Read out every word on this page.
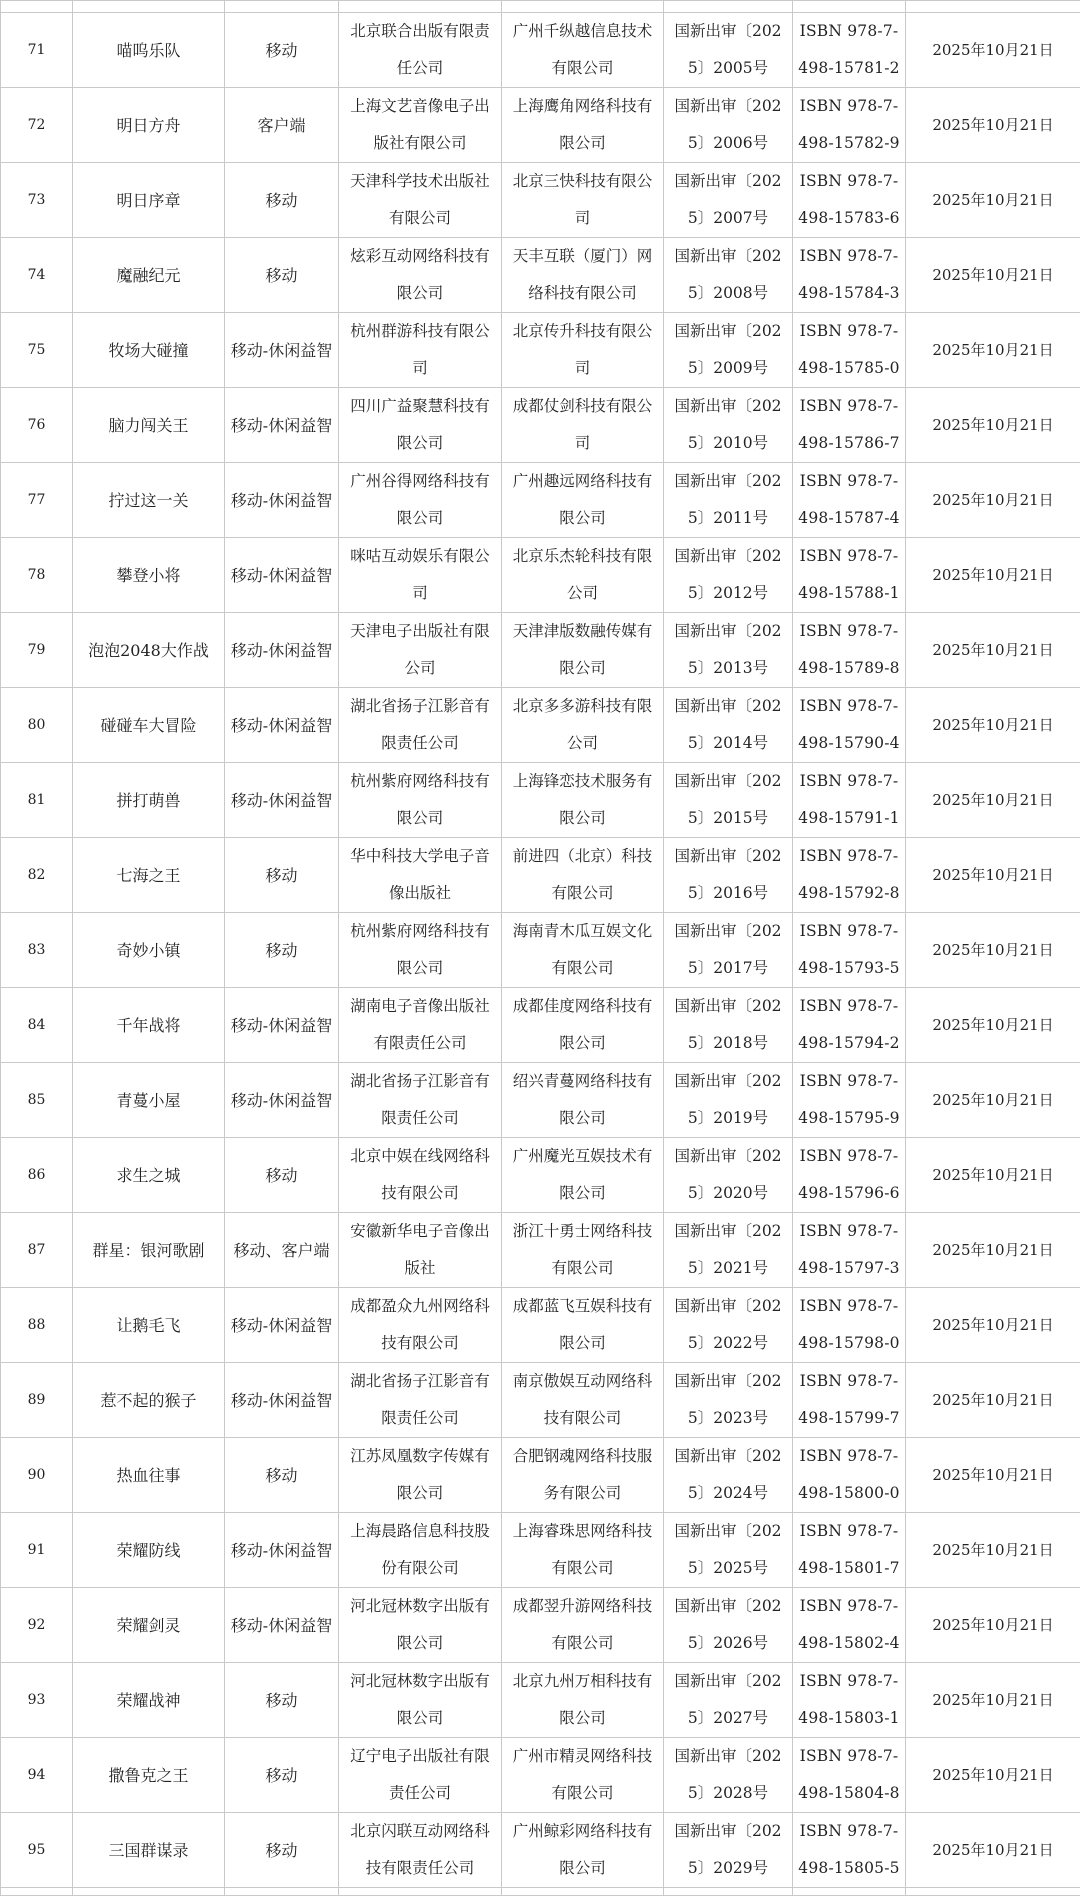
71	喵呜乐队	移动	北京联合出版有限责任公司	广州千纵越信息技术有限公司	国新出审〔2025〕2005号	ISBN 978-7-498-15781-2	2025年10月21日
72	明日方舟	客户端	上海文艺音像电子出版社有限公司	上海鹰角网络科技有限公司	国新出审〔2025〕2006号	ISBN 978-7-498-15782-9	2025年10月21日
73	明日序章	移动	天津科学技术出版社有限公司	北京三快科技有限公司	国新出审〔2025〕2007号	ISBN 978-7-498-15783-6	2025年10月21日
74	魔融纪元	移动	炫彩互动网络科技有限公司	天丰互联（厦门）网络科技有限公司	国新出审〔2025〕2008号	ISBN 978-7-498-15784-3	2025年10月21日
75	牧场大碰撞	移动-休闲益智	杭州群游科技有限公司	北京传升科技有限公司	国新出审〔2025〕2009号	ISBN 978-7-498-15785-0	2025年10月21日
76	脑力闯关王	移动-休闲益智	四川广益聚慧科技有限公司	成都仗剑科技有限公司	国新出审〔2025〕2010号	ISBN 978-7-498-15786-7	2025年10月21日
77	拧过这一关	移动-休闲益智	广州谷得网络科技有限公司	广州趣远网络科技有限公司	国新出审〔2025〕2011号	ISBN 978-7-498-15787-4	2025年10月21日
78	攀登小将	移动-休闲益智	咪咕互动娱乐有限公司	北京乐杰轮科技有限公司	国新出审〔2025〕2012号	ISBN 978-7-498-15788-1	2025年10月21日
79	泡泡2048大作战	移动-休闲益智	天津电子出版社有限公司	天津津版数融传媒有限公司	国新出审〔2025〕2013号	ISBN 978-7-498-15789-8	2025年10月21日
80	碰碰车大冒险	移动-休闲益智	湖北省扬子江影音有限责任公司	北京多多游科技有限公司	国新出审〔2025〕2014号	ISBN 978-7-498-15790-4	2025年10月21日
81	拼打萌兽	移动-休闲益智	杭州紫府网络科技有限公司	上海锋恋技术服务有限公司	国新出审〔2025〕2015号	ISBN 978-7-498-15791-1	2025年10月21日
82	七海之王	移动	华中科技大学电子音像出版社	前进四（北京）科技有限公司	国新出审〔2025〕2016号	ISBN 978-7-498-15792-8	2025年10月21日
83	奇妙小镇	移动	杭州紫府网络科技有限公司	海南青木瓜互娱文化有限公司	国新出审〔2025〕2017号	ISBN 978-7-498-15793-5	2025年10月21日
84	千年战将	移动-休闲益智	湖南电子音像出版社有限责任公司	成都佳度网络科技有限公司	国新出审〔2025〕2018号	ISBN 978-7-498-15794-2	2025年10月21日
85	青蔓小屋	移动-休闲益智	湖北省扬子江影音有限责任公司	绍兴青蔓网络科技有限公司	国新出审〔2025〕2019号	ISBN 978-7-498-15795-9	2025年10月21日
86	求生之城	移动	北京中娱在线网络科技有限公司	广州魔光互娱技术有限公司	国新出审〔2025〕2020号	ISBN 978-7-498-15796-6	2025年10月21日
87	群星：银河歌剧	移动、客户端	安徽新华电子音像出版社	浙江十勇士网络科技有限公司	国新出审〔2025〕2021号	ISBN 978-7-498-15797-3	2025年10月21日
88	让鹅毛飞	移动-休闲益智	成都盈众九州网络科技有限公司	成都蓝飞互娱科技有限公司	国新出审〔2025〕2022号	ISBN 978-7-498-15798-0	2025年10月21日
89	惹不起的猴子	移动-休闲益智	湖北省扬子江影音有限责任公司	南京傲娱互动网络科技有限公司	国新出审〔2025〕2023号	ISBN 978-7-498-15799-7	2025年10月21日
90	热血往事	移动	江苏凤凰数字传媒有限公司	合肥钢魂网络科技服务有限公司	国新出审〔2025〕2024号	ISBN 978-7-498-15800-0	2025年10月21日
91	荣耀防线	移动-休闲益智	上海晨路信息科技股份有限公司	上海睿珠思网络科技有限公司	国新出审〔2025〕2025号	ISBN 978-7-498-15801-7	2025年10月21日
92	荣耀剑灵	移动-休闲益智	河北冠林数字出版有限公司	成都翌升游网络科技有限公司	国新出审〔2025〕2026号	ISBN 978-7-498-15802-4	2025年10月21日
93	荣耀战神	移动	河北冠林数字出版有限公司	北京九州万相科技有限公司	国新出审〔2025〕2027号	ISBN 978-7-498-15803-1	2025年10月21日
94	撒鲁克之王	移动	辽宁电子出版社有限责任公司	广州市精灵网络科技有限公司	国新出审〔2025〕2028号	ISBN 978-7-498-15804-8	2025年10月21日
95	三国群谋录	移动	北京闪联互动网络科技有限责任公司	广州鲸彩网络科技有限公司	国新出审〔2025〕2029号	ISBN 978-7-498-15805-5	2025年10月21日
